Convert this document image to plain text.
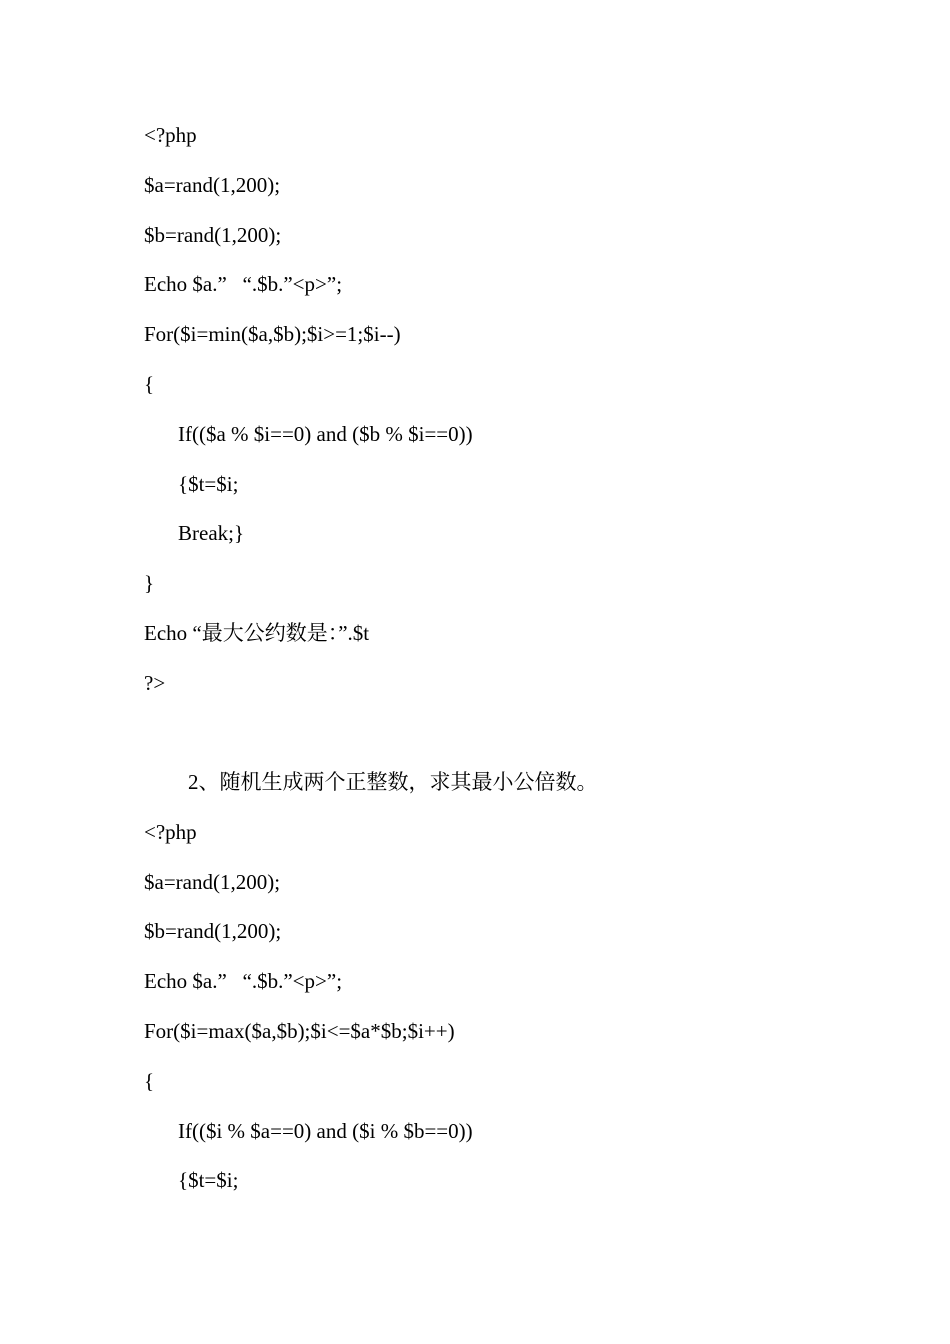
<?php
$a=rand(1,200);
$b=rand(1,200);
Echo $a.”   “.$b.”<p>”;
For($i=min($a,$b);$i>=1;$i--)
{
If(($a % $i==0) and ($b % $i==0))
{$t=$i;
Break;}
}
Echo “最大公约数是：”.$t
?>
2、随机生成两个正整数，求其最小公倍数。
<?php
$a=rand(1,200);
$b=rand(1,200);
Echo $a.”   “.$b.”<p>”;
For($i=max($a,$b);$i<=$a*$b;$i++)
{
If(($i % $a==0) and ($i % $b==0))
{$t=$i;
